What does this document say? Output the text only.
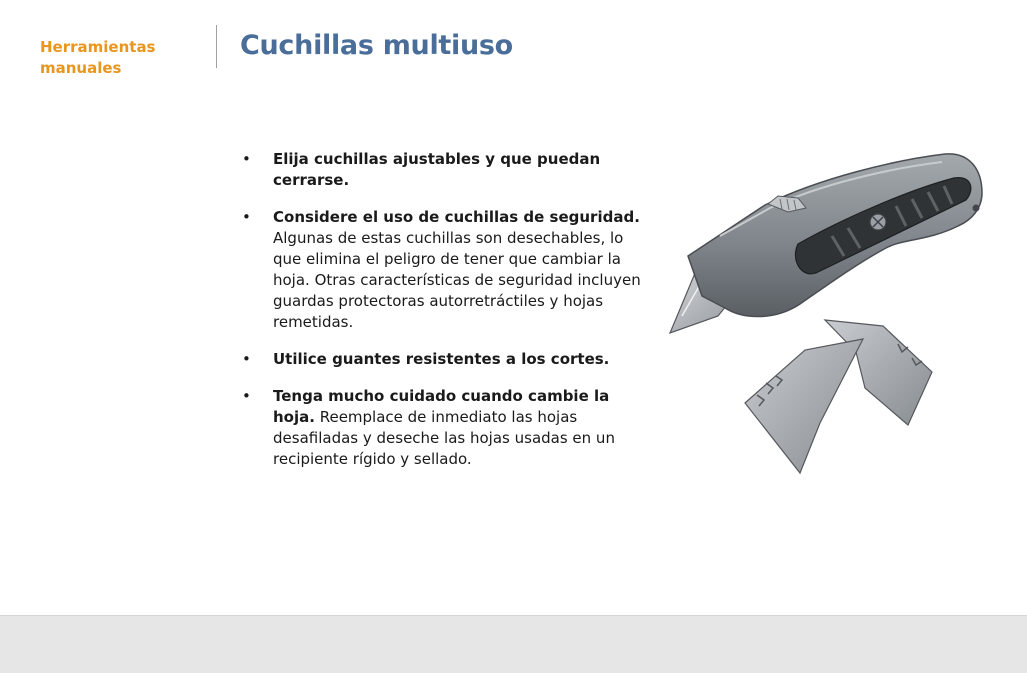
Herramientas manuales
Cuchillas multiuso
• Elija cuchillas ajustables y que puedan cerrarse.
• Considere el uso de cuchillas de seguridad. Algunas de estas cuchillas son desechables, lo que elimina el peligro de tener que cambiar la hoja. Otras características de seguridad incluyen guardas protectoras autorretráctiles y hojas remetidas.
• Utilice guantes resistentes a los cortes.
• Tenga mucho cuidado cuando cambie la hoja. Reemplace de inmediato las hojas desafiladas y deseche las hojas usadas en un recipiente rígido y sellado.
